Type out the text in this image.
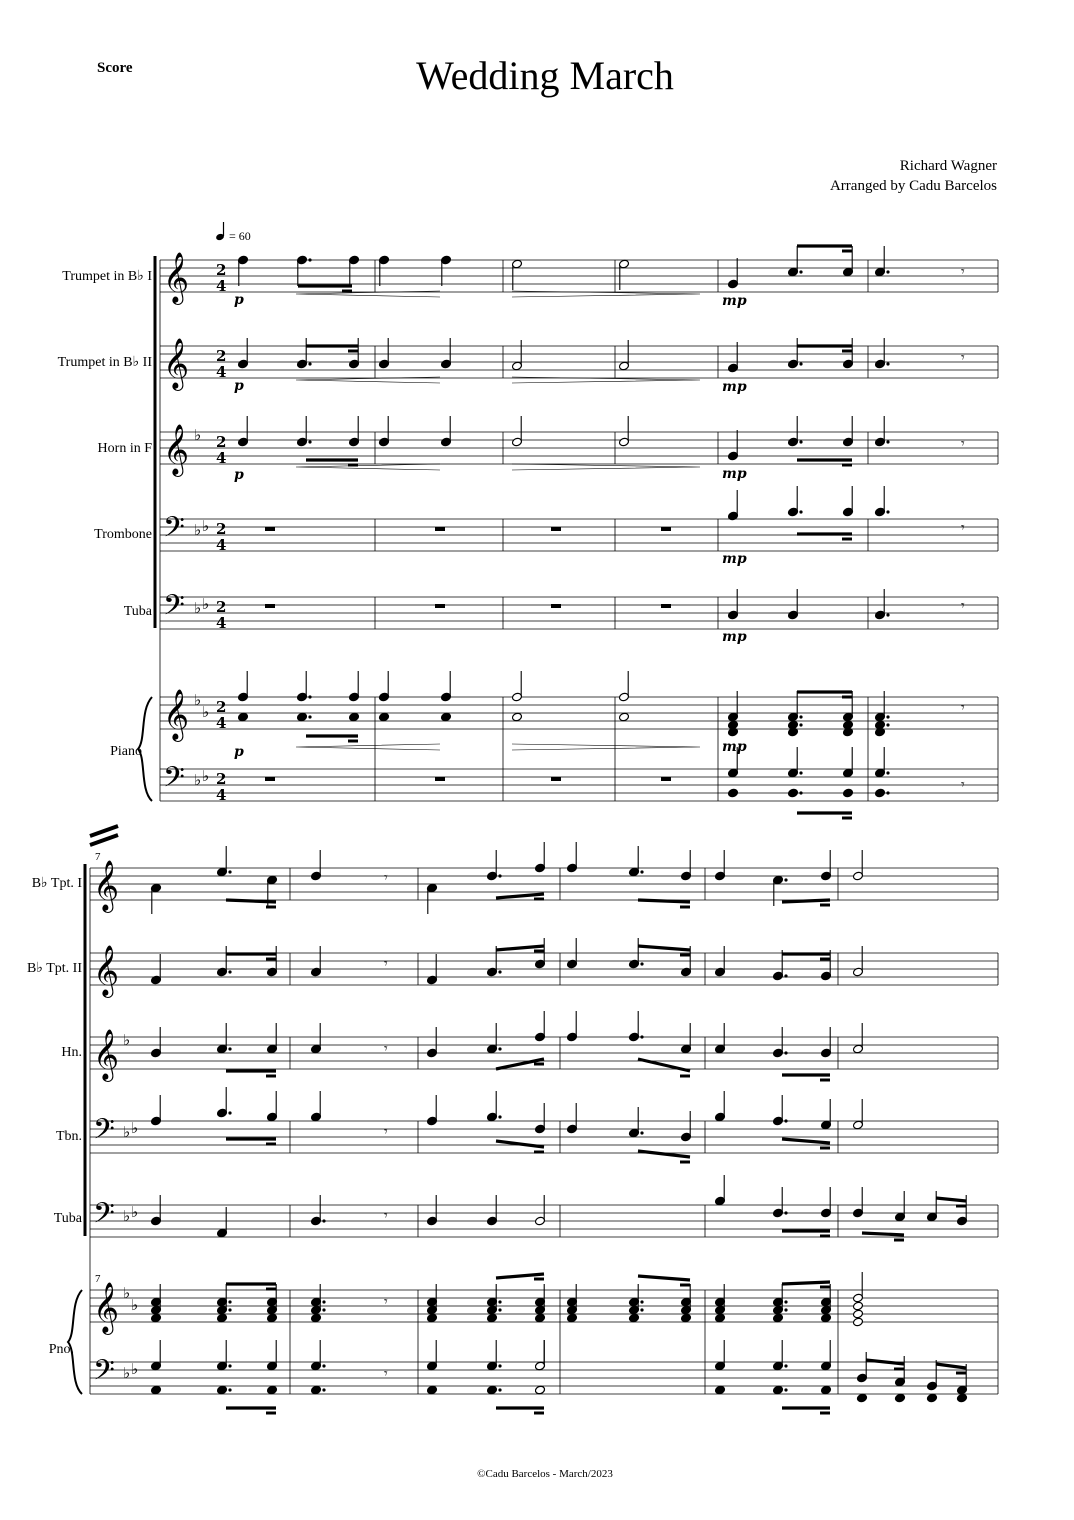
Score	Wedding March
Richard Wagner
Arranged by Cadu Barcelos
©Cadu Barcelos - March/2023
= 60
Trumpet in B♭ I
Trumpet in B♭ II
Horn in F
Trombone
Tuba
Piano
B♭ Tpt. I
B♭ Tpt. II
Hn.
Tbn.
Tuba
Pno.
7
7
p
p
p
p
mp
mp
mp
mp
mp
mp
2
4
2
4
2
4
2
4
2
4
2
4
2
4
𝄞
𝄞
𝄞 ♭
𝄢 ♭ ♭
𝄢 ♭ ♭
𝄞 ♭
♭
𝄢 ♭ ♭
𝄞
𝄞
𝄞 ♭
𝄢 ♭ ♭
𝄢 ♭ ♭
𝄞 ♭
♭
𝄢 ♭ ♭
𝄾
𝄾
𝄾
𝄾
𝄾
𝄾
𝄾
𝄾
𝄾
𝄾
𝄾
𝄾
𝄾
𝄾
